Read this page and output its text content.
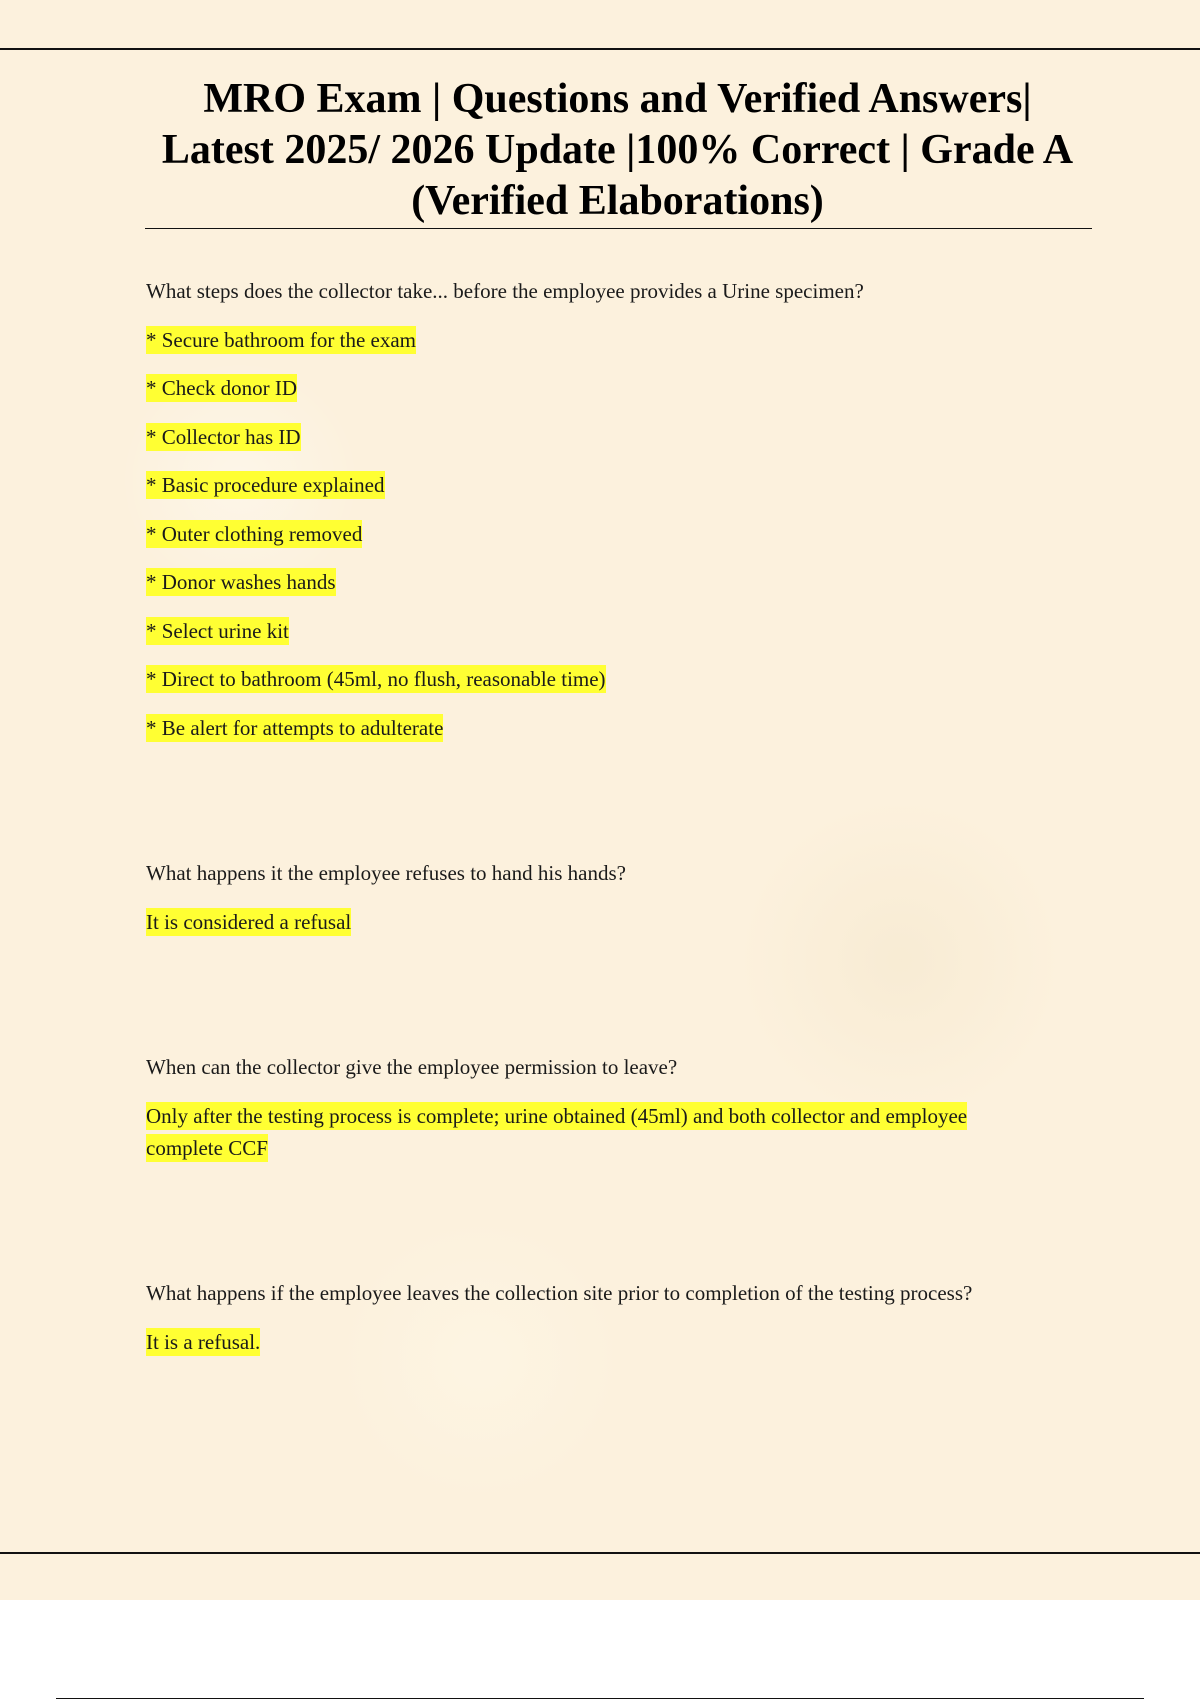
MRO Exam | Questions and Verified Answers| Latest 2025/ 2026 Update |100% Correct | Grade A (Verified Elaborations)

What steps does the collector take... before the employee provides a Urine specimen?

* Secure bathroom for the exam
* Check donor ID
* Collector has ID
* Basic procedure explained
* Outer clothing removed
* Donor washes hands
* Select urine kit
* Direct to bathroom (45ml, no flush, reasonable time)
* Be alert for attempts to adulterate

What happens it the employee refuses to hand his hands?

It is considered a refusal

When can the collector give the employee permission to leave?

Only after the testing process is complete; urine obtained (45ml) and both collector and employee complete CCF

What happens if the employee leaves the collection site prior to completion of the testing process?

It is a refusal.
